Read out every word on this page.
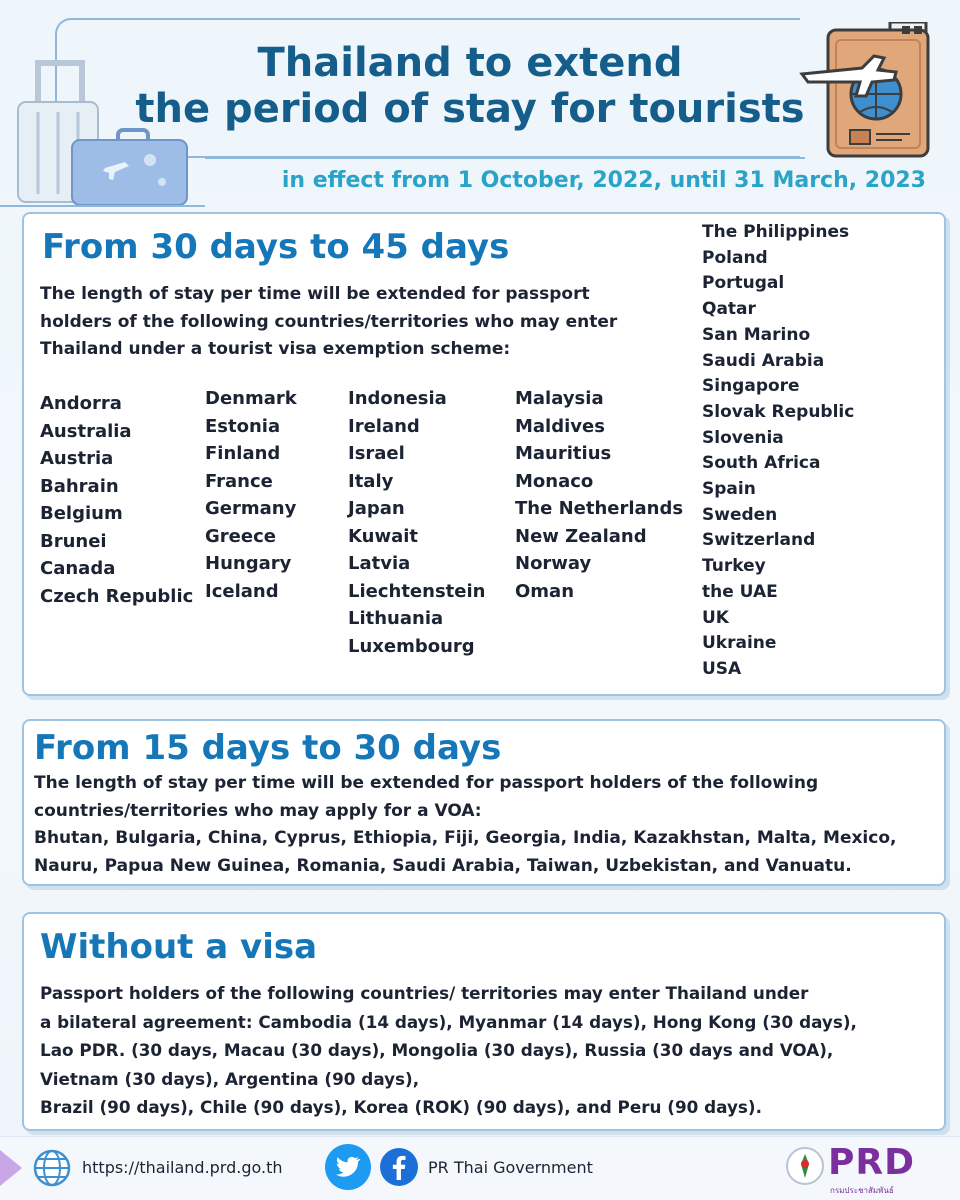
Thailand to extend
the period of stay for tourists
in effect from 1 October, 2022, until 31 March, 2023
From 30 days to 45 days
The length of stay per time will be extended for passport holders of the following countries/territories who may enter Thailand under a tourist visa exemption scheme:
Andorra
Australia
Austria
Bahrain
Belgium
Brunei
Canada
Czech Republic
Denmark
Estonia
Finland
France
Germany
Greece
Hungary
Iceland
Indonesia
Ireland
Israel
Italy
Japan
Kuwait
Latvia
Liechtenstein
Lithuania
Luxembourg
Malaysia
Maldives
Mauritius
Monaco
The Netherlands
New Zealand
Norway
Oman
The Philippines
Poland
Portugal
Qatar
San Marino
Saudi Arabia
Singapore
Slovak Republic
Slovenia
South Africa
Spain
Sweden
Switzerland
Turkey
the UAE
UK
Ukraine
USA
From 15 days to 30 days
The length of stay per time will be extended for passport holders of the following
countries/territories who may apply for a VOA:
Bhutan, Bulgaria, China, Cyprus, Ethiopia, Fiji, Georgia, India, Kazakhstan, Malta, Mexico,
Nauru, Papua New Guinea, Romania, Saudi Arabia, Taiwan, Uzbekistan, and Vanuatu.
Without a visa
Passport holders of the following countries/ territories may enter Thailand under
a bilateral agreement: Cambodia (14 days), Myanmar (14 days), Hong Kong (30 days),
Lao PDR. (30 days, Macau (30 days), Mongolia (30 days), Russia (30 days and VOA),
Vietnam (30 days), Argentina (90 days),
Brazil (90 days), Chile (90 days), Korea (ROK) (90 days), and Peru (90 days).
https://thailand.prd.go.th	PR Thai Government	PRD
กรมประชาสัมพันธ์
